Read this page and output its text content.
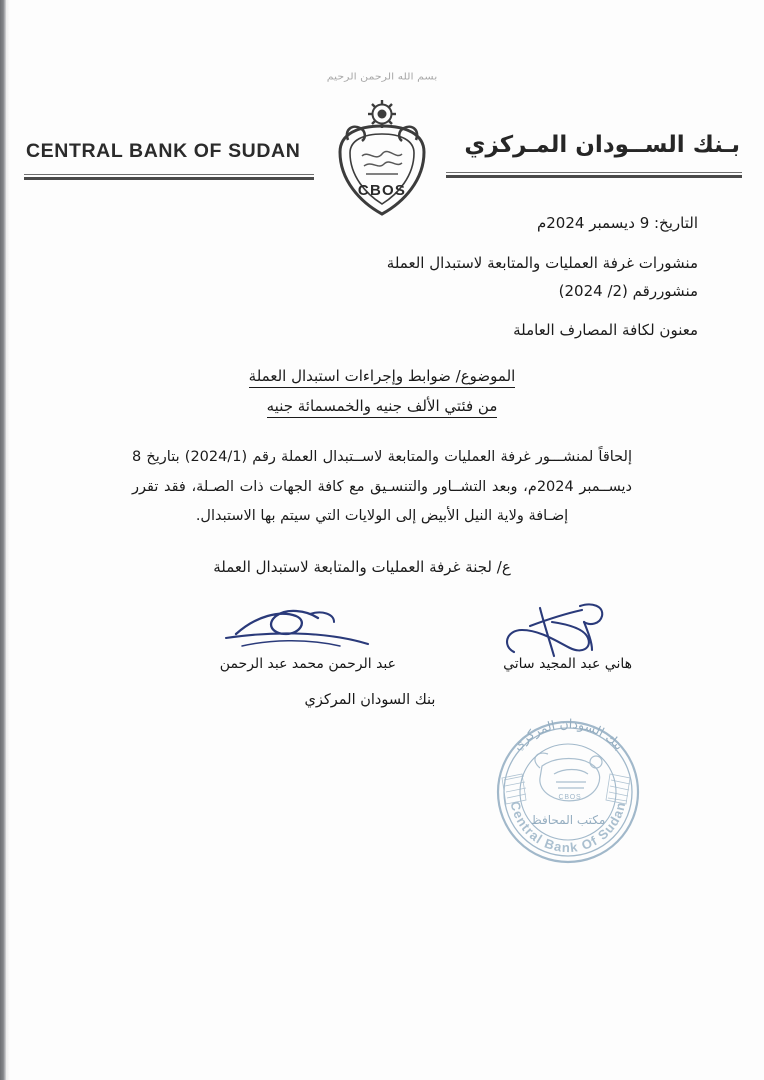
بسم الله الرحمن الرحيم
CENTRAL BANK OF SUDAN	بـنك الســودان المـركزي
CBOS
التاريخ: 9 ديسمبر 2024م
منشورات غرفة العمليات والمتابعة لاستبدال العملة
منشوررقم (2/ 2024)
معنون لكافة المصارف العاملة
الموضوع/ ضوابط وإجراءات استبدال العملة
من فئتي الألف جنيه والخمسمائة جنيه
إلحاقاً لمنشـــور غرفة العمليات والمتابعة لاســتبدال العملة رقم (2024/1) بتاريخ 8 ديســمبر 2024م، وبعد التشــاور والتنسـيق مع كافة الجهات ذات الصـلة، فقد تقرر إضـافة ولاية النيل الأبيض إلى الولايات التي سيتم بها الاستبدال.
ع/ لجنة غرفة العمليات والمتابعة لاستبدال العملة
هاني عبد المجيد ساتي
عبد الرحمن محمد عبد الرحمن
بنك السودان المركزي
CBOS
بنك السودان المركزي
مكتب المحافظ
Central Bank Of Sudan
